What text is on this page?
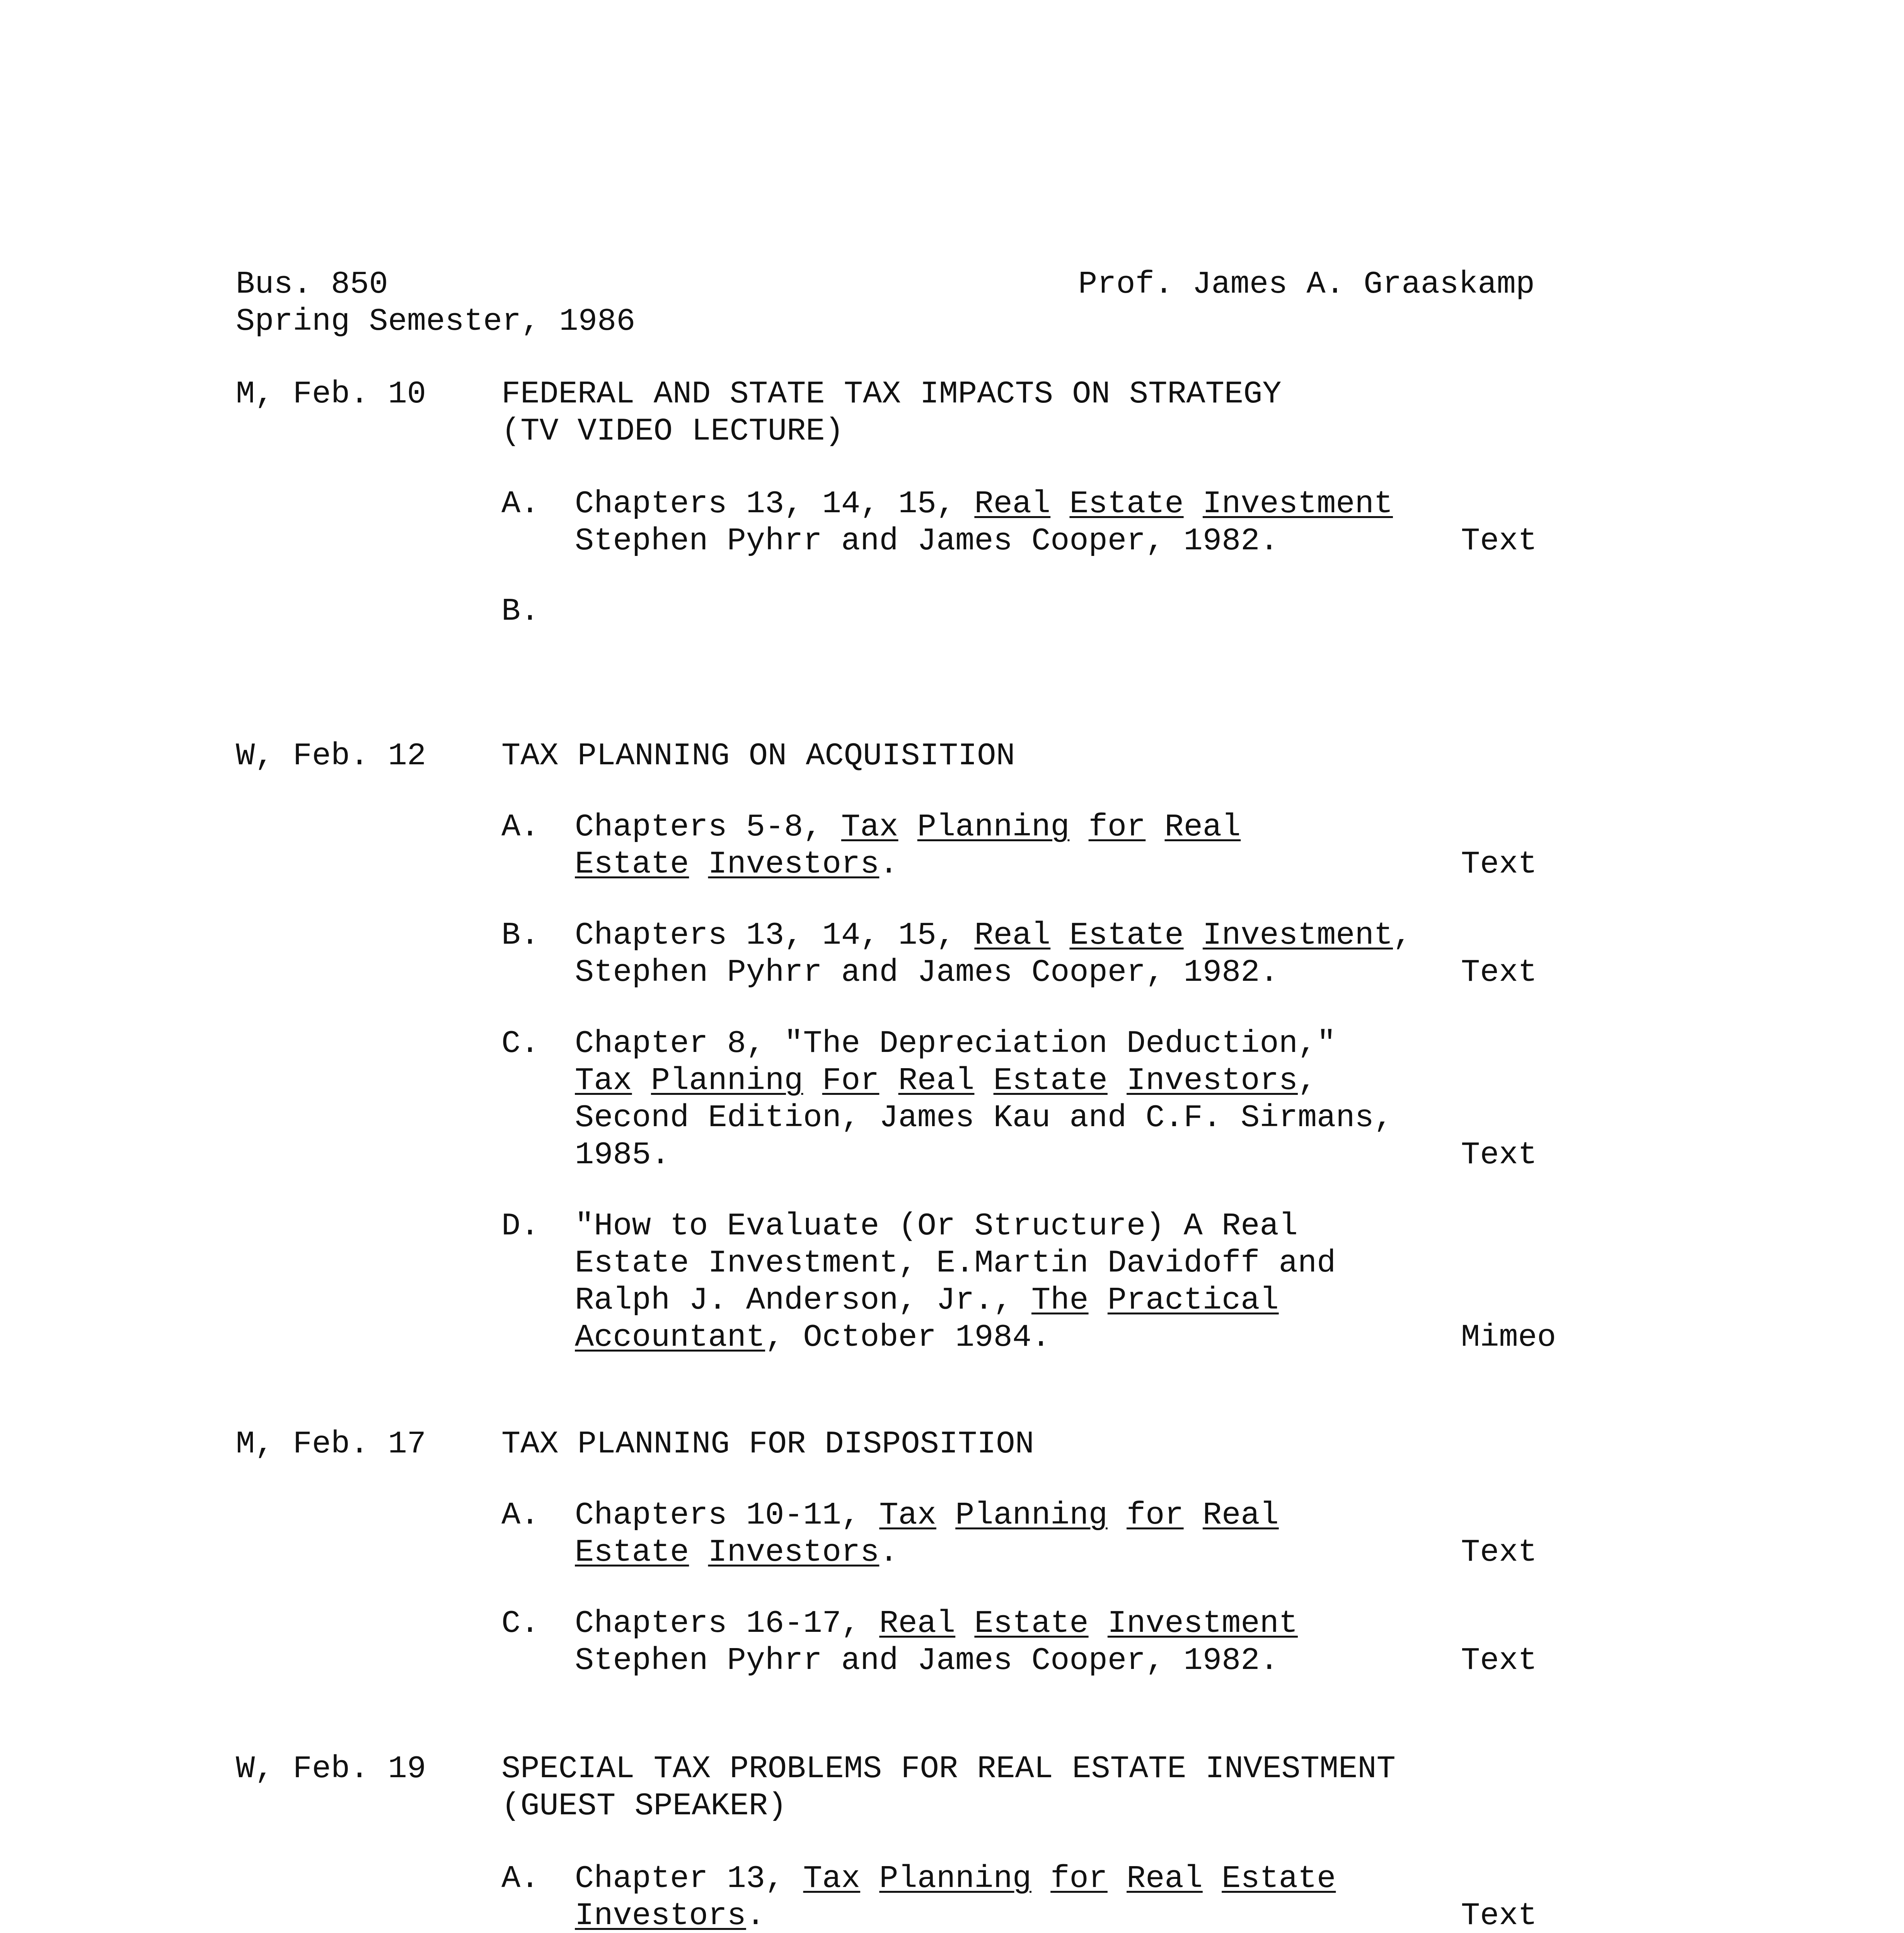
Bus. 850
Spring Semester, 1986
Prof. James A. Graaskamp
M, Feb. 10 FEDERAL AND STATE TAX IMPACTS ON STRATEGY
(TV VIDEO LECTURE)
A. Chapters 13, 14, 15, Real Estate Investment
Stephen Pyhrr and James Cooper, 1982.	Text
B.
W, Feb. 12 TAX PLANNING ON ACQUISITION
A. Chapters 5-8, Tax Planning for Real
Estate Investors.	Text
B. Chapters 13, 14, 15, Real Estate Investment,
Stephen Pyhrr and James Cooper, 1982.	Text
C. Chapter 8, "The Depreciation Deduction,"
Tax Planning For Real Estate Investors,
Second Edition, James Kau and C.F. Sirmans,
1985.	Text
D. "How to Evaluate (Or Structure) A Real
Estate Investment, E.Martin Davidoff and
Ralph J. Anderson, Jr., The Practical
Accountant, October 1984.	Mimeo
M, Feb. 17 TAX PLANNING FOR DISPOSITION
A. Chapters 10-11, Tax Planning for Real
Estate Investors.	Text
C. Chapters 16-17, Real Estate Investment
Stephen Pyhrr and James Cooper, 1982.	Text
W, Feb. 19 SPECIAL TAX PROBLEMS FOR REAL ESTATE INVESTMENT
(GUEST SPEAKER)
A. Chapter 13, Tax Planning for Real Estate
Investors.	Text
